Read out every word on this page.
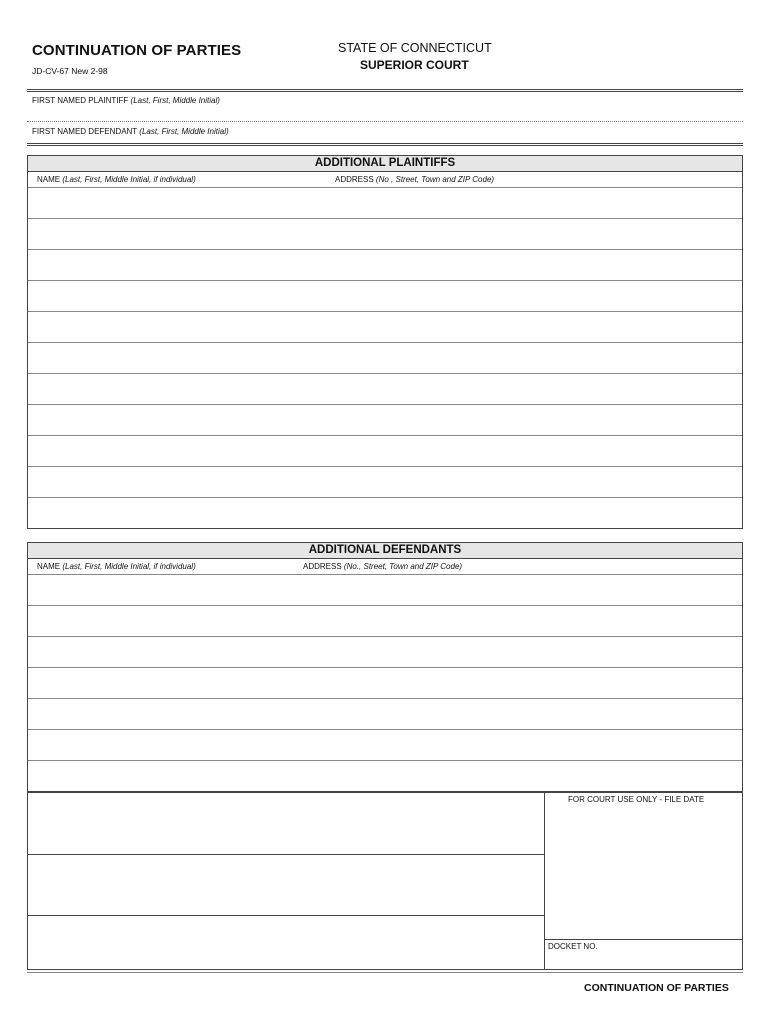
CONTINUATION OF PARTIES
JD-CV-67 New 2-98
STATE OF CONNECTICUT
SUPERIOR COURT
FIRST NAMED PLAINTIFF (Last, First, Middle Initial)
FIRST NAMED DEFENDANT (Last, First, Middle Initial)
ADDITIONAL PLAINTIFFS
NAME (Last, First, Middle Initial, if individual)	ADDRESS (No , Street, Town and ZIP Code)
ADDITIONAL DEFENDANTS
NAME (Last, First, Middle Initial, if individual)	ADDRESS (No., Street, Town and ZIP Code)
FOR COURT USE ONLY - FILE DATE
DOCKET NO.
CONTINUATION OF PARTIES
